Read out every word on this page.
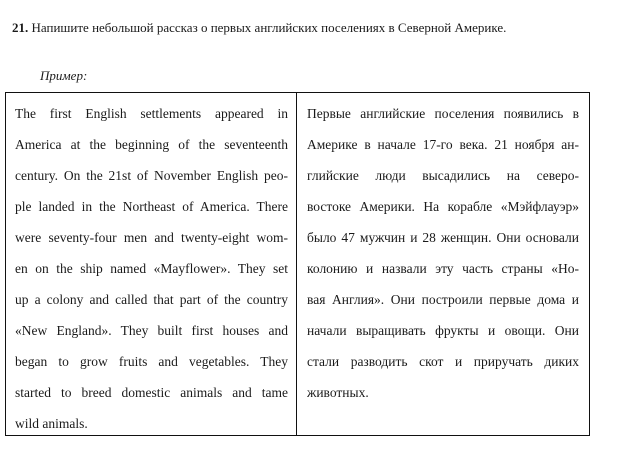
21. Напишите небольшой рассказ о первых английских поселениях в Северной Америке.
Пример:
The first English settlements appeared in
America at the beginning of the seventeenth
century. On the 21st of November English peo-
ple landed in the Northeast of America. There
were seventy-four men and twenty-eight wom-
en on the ship named «Mayflower». They set
up a colony and called that part of the country
«New England». They built first houses and
began to grow fruits and vegetables. They
started to breed domestic animals and tame
wild animals.
Первые английские поселения появились в
Америке в начале 17-го века. 21 ноября ан-
глийские люди высадились на северо-
востоке Америки. На корабле «Мэйфлауэр»
было 47 мужчин и 28 женщин. Они основали
колонию и назвали эту часть страны «Но-
вая Англия». Они построили первые дома и
начали выращивать фрукты и овощи. Они
стали разводить скот и приручать диких
животных.
